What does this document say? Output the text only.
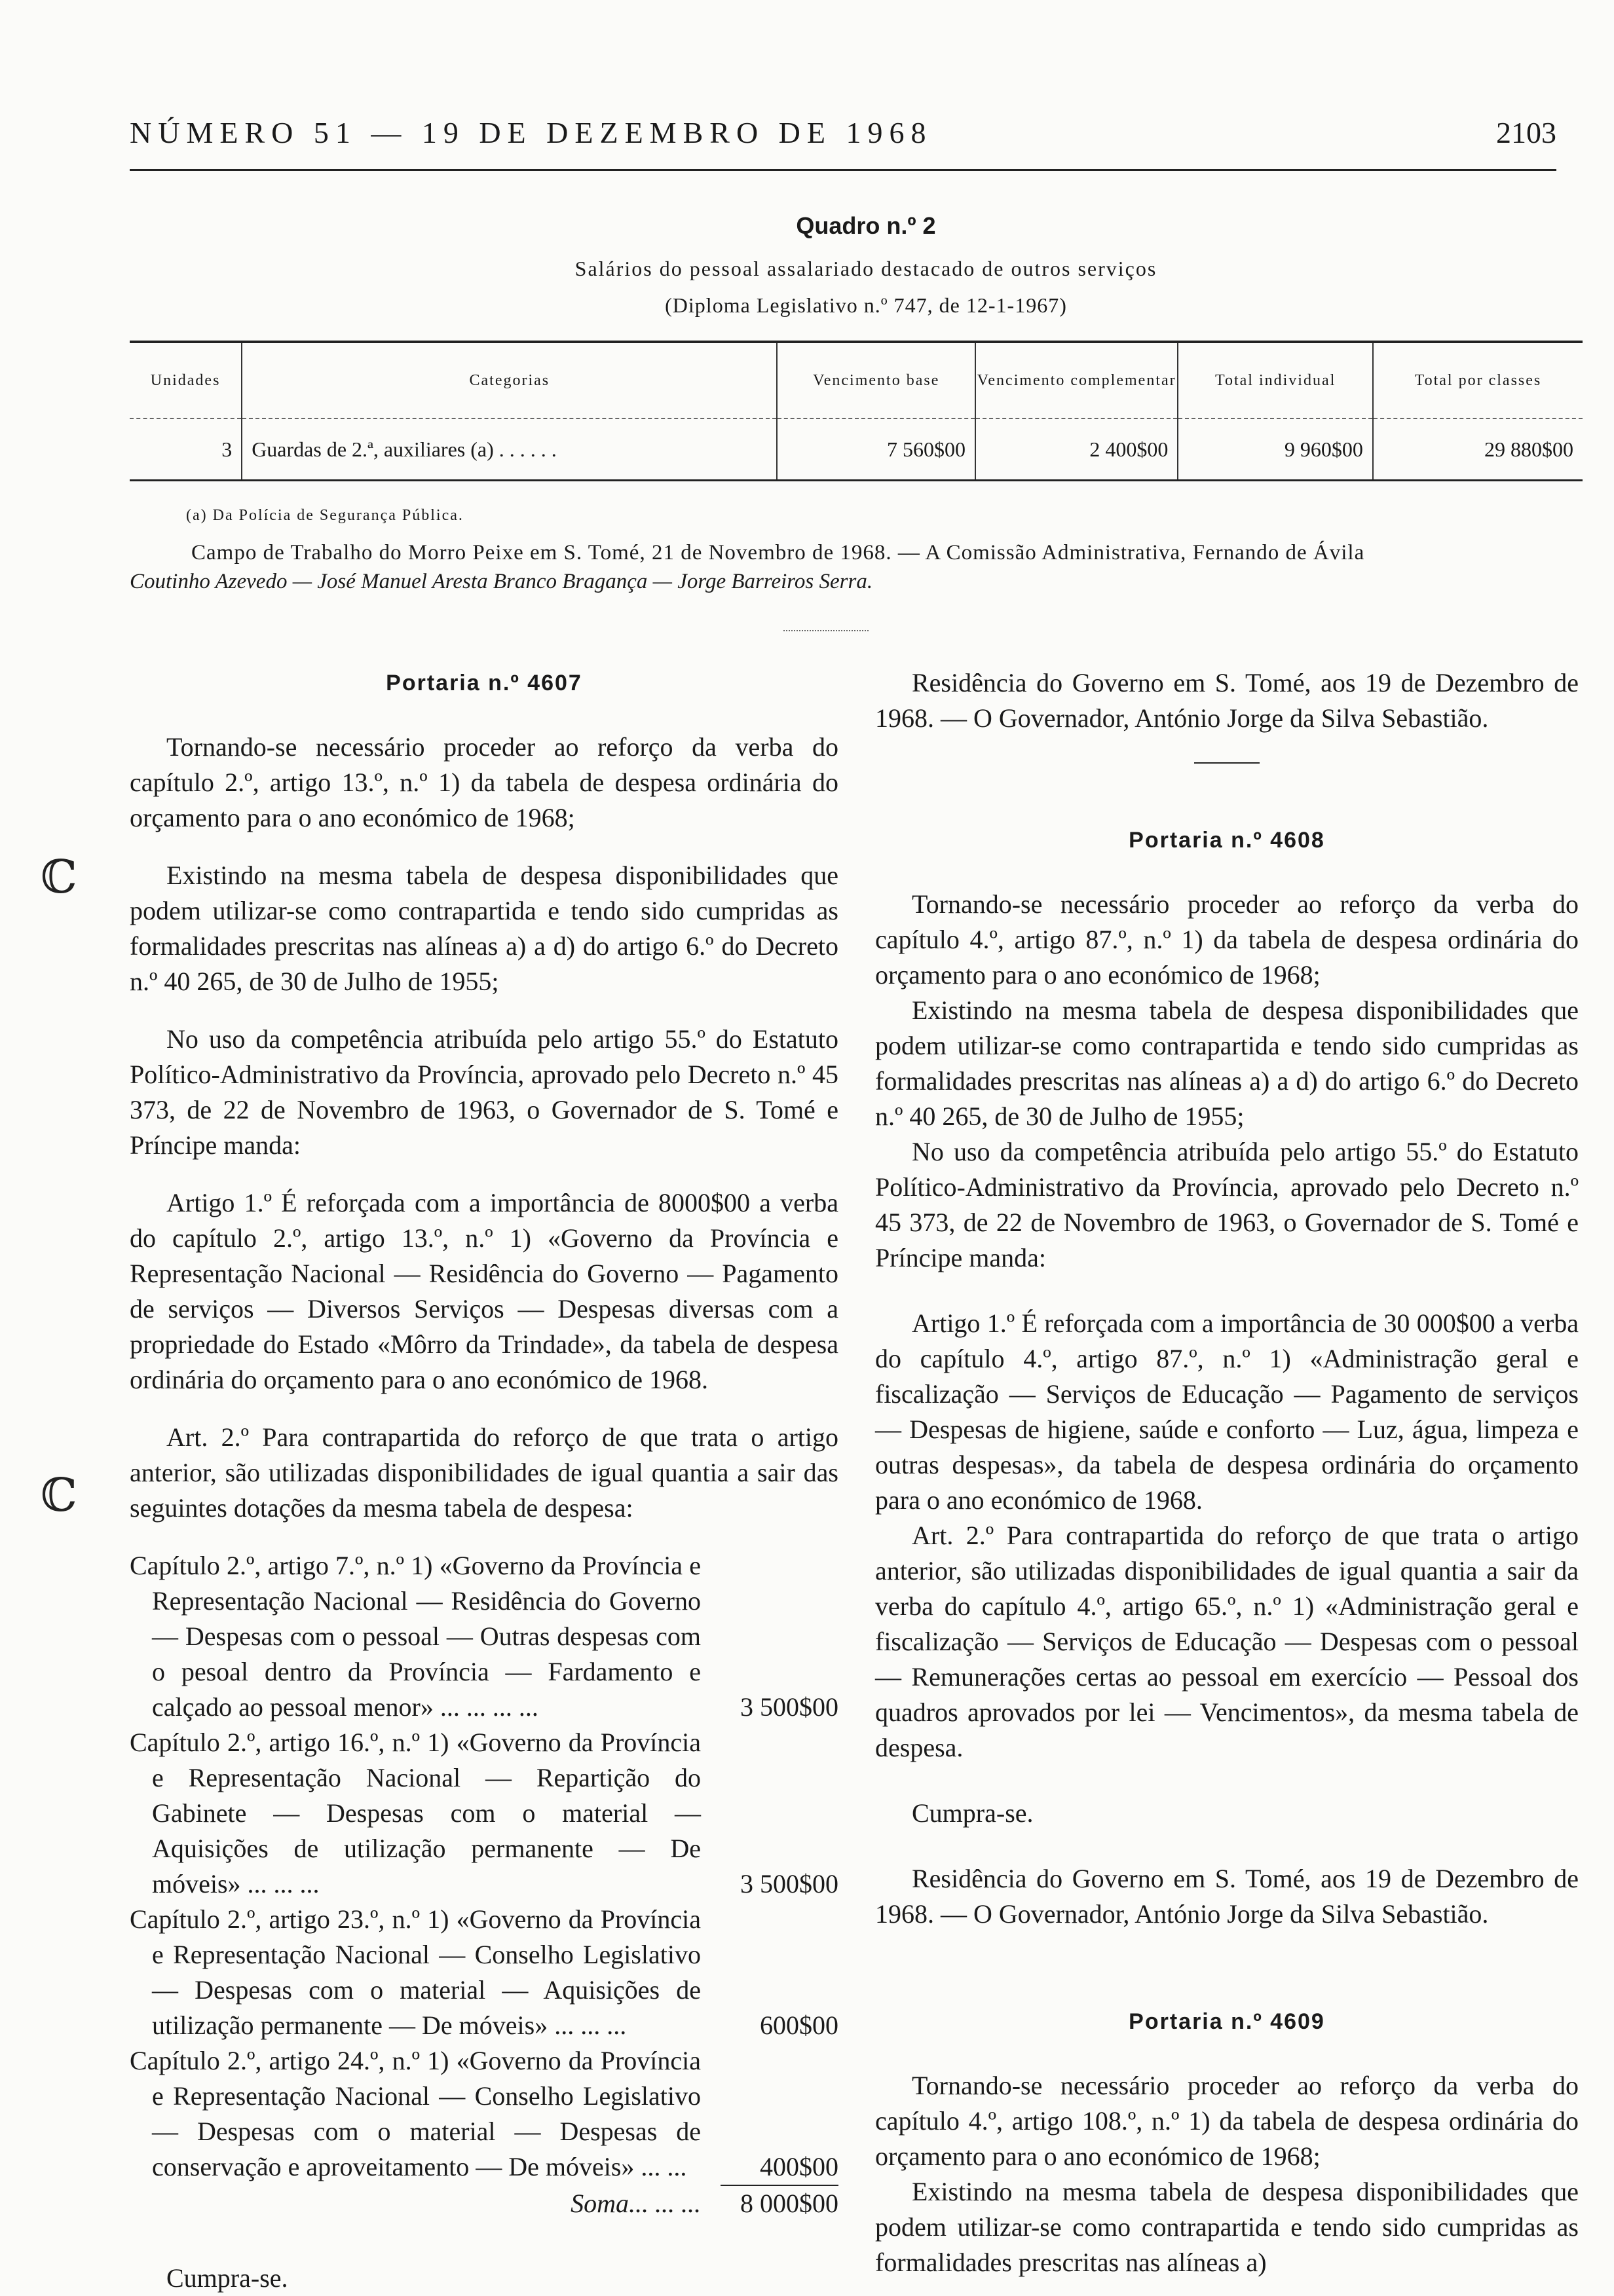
NÚMERO 51 — 19 DE DEZEMBRO DE 1968	2103
Quadro n.º 2
Salários do pessoal assalariado destacado de outros serviços
(Diploma Legislativo n.º 747, de 12-1-1967)
Unidades	Categorias	Vencimento base	Vencimento complementar	Total individual	Total por classes
3	Guardas de 2.ª, auxiliares (a) . . . . . .	7 560$00	2 400$00	9 960$00	29 880$00
(a) Da Polícia de Segurança Pública.
Campo de Trabalho do Morro Peixe em S. Tomé, 21 de Novembro de 1968. — A Comissão Administrativa, Fernando de Ávila
Coutinho Azevedo — José Manuel Aresta Branco Bragança — Jorge Barreiros Serra.
ℂ
ℂ
Portaria n.º 4607

Tornando-se necessário proceder ao reforço da verba do capítulo 2.º, artigo 13.º, n.º 1) da tabela de despesa ordinária do orçamento para o ano económico de 1968;

Existindo na mesma tabela de despesa disponibilidades que podem utilizar-se como contrapartida e tendo sido cumpridas as formalidades prescritas nas alíneas a) a d) do artigo 6.º do Decreto n.º 40 265, de 30 de Julho de 1955;

No uso da competência atribuída pelo artigo 55.º do Estatuto Político-Administrativo da Província, aprovado pelo Decreto n.º 45 373, de 22 de Novembro de 1963, o Governador de S. Tomé e Príncipe manda:

Artigo 1.º É reforçada com a importância de 8000$00 a verba do capítulo 2.º, artigo 13.º, n.º 1) «Governo da Província e Representação Nacional — Residência do Governo — Pagamento de serviços — Diversos Serviços — Despesas diversas com a propriedade do Estado «Môrro da Trindade», da tabela de despesa ordinária do orçamento para o ano económico de 1968.

Art. 2.º Para contrapartida do reforço de que trata o artigo anterior, são utilizadas disponibilidades de igual quantia a sair das seguintes dotações da mesma tabela de despesa:

Capítulo 2.º, artigo 7.º, n.º 1) «Governo da Província e Representação Nacional — Residência do Governo — Despesas com o pessoal — Outras despesas com o pesoal dentro da Província — Fardamento e calçado ao pessoal menor» ... ... ... ...	3 500$00
Capítulo 2.º, artigo 16.º, n.º 1) «Governo da Província e Representação Nacional — Repartição do Gabinete — Despesas com o material — Aquisições de utilização permanente — De móveis» ... ... ...	3 500$00
Capítulo 2.º, artigo 23.º, n.º 1) «Governo da Província e Representação Nacional — Conselho Legislativo — Despesas com o material — Aquisições de utilização permanente — De móveis» ... ... ...	600$00
Capítulo 2.º, artigo 24.º, n.º 1) «Governo da Província e Representação Nacional — Conselho Legislativo — Despesas com o material — Despesas de conservação e aproveitamento — De móveis» ... ...	400$00
Soma... ... ... 8 000$00

Cumpra-se.

Residência do Governo em S. Tomé, aos 19 de Dezembro de 1968. — O Governador, António Jorge da Silva Sebastião.

Portaria n.º 4608

Tornando-se necessário proceder ao reforço da verba do capítulo 4.º, artigo 87.º, n.º 1) da tabela de despesa ordinária do orçamento para o ano económico de 1968;

Existindo na mesma tabela de despesa disponibilidades que podem utilizar-se como contrapartida e tendo sido cumpridas as formalidades prescritas nas alíneas a) a d) do artigo 6.º do Decreto n.º 40 265, de 30 de Julho de 1955;

No uso da competência atribuída pelo artigo 55.º do Estatuto Político-Administrativo da Província, aprovado pelo Decreto n.º 45 373, de 22 de Novembro de 1963, o Governador de S. Tomé e Príncipe manda:

Artigo 1.º É reforçada com a importância de 30 000$00 a verba do capítulo 4.º, artigo 87.º, n.º 1) «Administração geral e fiscalização — Serviços de Educação — Pagamento de serviços — Despesas de higiene, saúde e conforto — Luz, água, limpeza e outras despesas», da tabela de despesa ordinária do orçamento para o ano económico de 1968.

Art. 2.º Para contrapartida do reforço de que trata o artigo anterior, são utilizadas disponibilidades de igual quantia a sair da verba do capítulo 4.º, artigo 65.º, n.º 1) «Administração geral e fiscalização — Serviços de Educação — Despesas com o pessoal — Remunerações certas ao pessoal em exercício — Pessoal dos quadros aprovados por lei — Vencimentos», da mesma tabela de despesa.

Cumpra-se.

Residência do Governo em S. Tomé, aos 19 de Dezembro de 1968. — O Governador, António Jorge da Silva Sebastião.

Portaria n.º 4609

Tornando-se necessário proceder ao reforço da verba do capítulo 4.º, artigo 108.º, n.º 1) da tabela de despesa ordinária do orçamento para o ano económico de 1968;

Existindo na mesma tabela de despesa disponibilidades que podem utilizar-se como contrapartida e tendo sido cumpridas as formalidades prescritas nas alíneas a)
